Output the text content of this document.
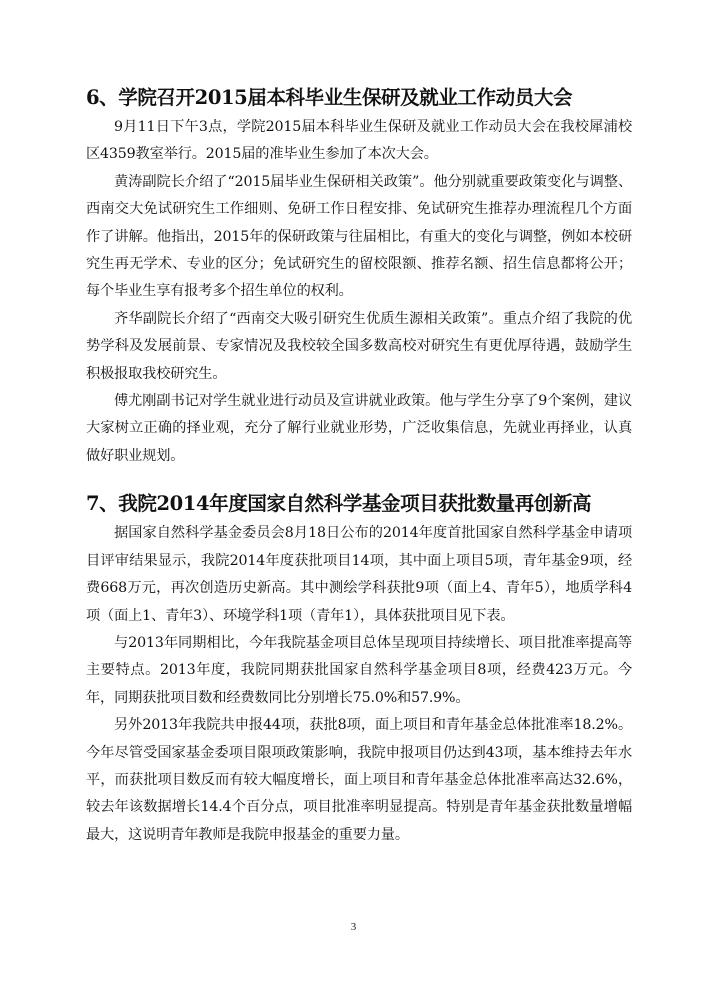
6、学院召开2015届本科毕业生保研及就业工作动员大会

9月11日下午3点，学院2015届本科毕业生保研及就业工作动员大会在我校犀浦校区4359教室举行。2015届的准毕业生参加了本次大会。

黄涛副院长介绍了“2015届毕业生保研相关政策”。他分别就重要政策变化与调整、西南交大免试研究生工作细则、免研工作日程安排、免试研究生推荐办理流程几个方面作了讲解。他指出，2015年的保研政策与往届相比，有重大的变化与调整，例如本校研究生再无学术、专业的区分；免试研究生的留校限额、推荐名额、招生信息都将公开；每个毕业生享有报考多个招生单位的权利。

齐华副院长介绍了“西南交大吸引研究生优质生源相关政策”。重点介绍了我院的优势学科及发展前景、专家情况及我校较全国多数高校对研究生有更优厚待遇，鼓励学生积极报取我校研究生。

傅尤刚副书记对学生就业进行动员及宣讲就业政策。他与学生分享了9个案例，建议大家树立正确的择业观，充分了解行业就业形势，广泛收集信息，先就业再择业，认真做好职业规划。

7、我院2014年度国家自然科学基金项目获批数量再创新高

据国家自然科学基金委员会8月18日公布的2014年度首批国家自然科学基金申请项目评审结果显示，我院2014年度获批项目14项，其中面上项目5项，青年基金9项，经费668万元，再次创造历史新高。其中测绘学科获批9项（面上4、青年5），地质学科4项（面上1、青年3）、环境学科1项（青年1），具体获批项目见下表。

与2013年同期相比，今年我院基金项目总体呈现项目持续增长、项目批准率提高等主要特点。2013年度，我院同期获批国家自然科学基金项目8项，经费423万元。今年，同期获批项目数和经费数同比分别增长75.0%和57.9%。

另外2013年我院共申报44项，获批8项，面上项目和青年基金总体批准率18.2%。今年尽管受国家基金委项目限项政策影响，我院申报项目仍达到43项，基本维持去年水平，而获批项目数反而有较大幅度增长，面上项目和青年基金总体批准率高达32.6%，较去年该数据增长14.4个百分点，项目批准率明显提高。特别是青年基金获批数量增幅最大，这说明青年教师是我院申报基金的重要力量。

3
